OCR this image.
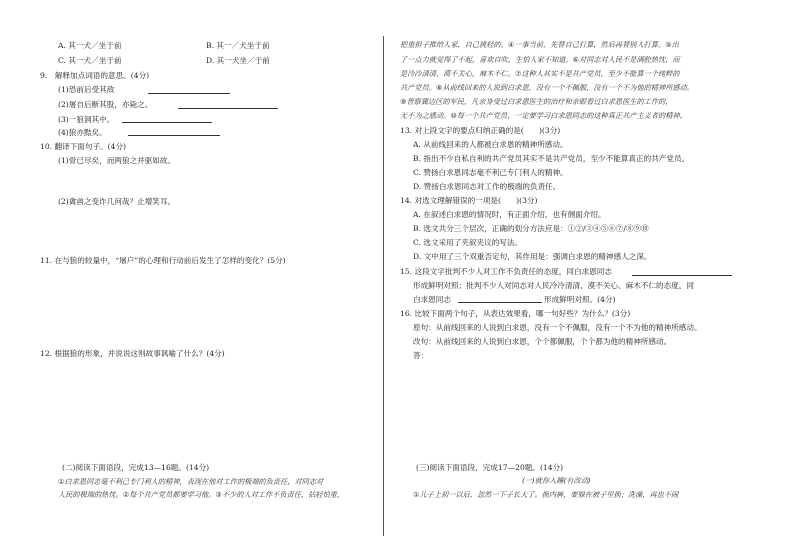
A. 其一犬／坐于前	B. 其一／犬坐于前
C. 其一犬／坐于前	D. 其一犬坐／于前
9.　解释加点词语的意思。(4分)
(1)恐前后受其敌
(2)屠自后断其股，亦毙之。
(3)一狼洞其中。
(4)狼亦黠矣。
10. 翻译下面句子。(4分)
(1)骨已尽矣，而两狼之并驱如故。
(2)禽兽之变诈几何哉？止增笑耳。
11. 在与狼的较量中，“屠户”的心理和行动前后发生了怎样的变化？(5分)
12. 根据狼的形象，并说说这则故事讽喻了什么？(4分)
(二)阅读下面语段，完成13—16题。(14分)
①白求恩同志毫不利己专门利人的精神，表现在他对工作的极端的负责任，对同志对
人民的极端的热忱。②每个共产党员都要学习他。③不少的人对工作不负责任，拈轻怕重，
把重担子推给人家，自己挑轻的。④一事当前，先替自己打算，然后再替别人打算。⑤出
了一点力就觉得了不起，喜欢自吹，生怕人家不知道。⑥对同志对人民不是满腔热忱，而
是冷冷清清，漠不关心，麻木不仁。⑦这种人其实不是共产党员，至少不能算一个纯粹的
共产党员。⑧从前线回来的人说到白求恩，没有一个不佩服，没有一个不为他的精神所感动。
⑨晋察冀边区的军民，凡亲身受过白求恩医生的治疗和亲眼看过白求恩医生的工作的，
无不为之感动。⑩每一个共产党员，一定要学习白求恩同志的这种真正共产主义者的精神。
13. 对上段文字的要点归纳正确的是(　　)(3分)
A. 从前线回来的人都被白求恩的精神所感动。
B. 指出不少自私自利的共产党员其实不是共产党员，至少不能算真正的共产党员。
C. 赞扬白求恩同志毫不利己专门利人的精神。
D. 赞扬白求恩同志对工作的极端的负责任。
14. 对选文理解错误的一项是(　　)(3分)
A. 在叙述白求恩的情况时，有正面介绍，也有侧面介绍。
B. 选文共分三个层次，正确的划分方法应是：①②/③④⑤⑥⑦/⑧⑨⑩
C. 选文采用了夹叙夹议的写法。
D. 文中用了三个双重否定句，其作用是：强调白求恩的精神感人之深。
15. 这段文字批判不少人对工作不负责任的态度，同白求恩同志
形成鲜明对照；批判不少人对同志对人民冷冷清清、漠不关心、麻木不仁的态度，同
白求恩同志	形成鲜明对照。(4分)
16. 比较下面两个句子，从表达效果看，哪一句好些？为什么？(3分)
原句：从前线回来的人说到白求恩，没有一个不佩服，没有一个不为他的精神所感动。
改句：从前线回来的人说到白求恩，个个都佩服，个个都为他的精神所感动。
答：
(三)阅读下面语段，完成17—20题。(14分)
(一)就你入睡(有改动)
①儿子上初一以后，忽然一下子长大了。换内裤，要躲在被子里换；洗澡，再也不闹
